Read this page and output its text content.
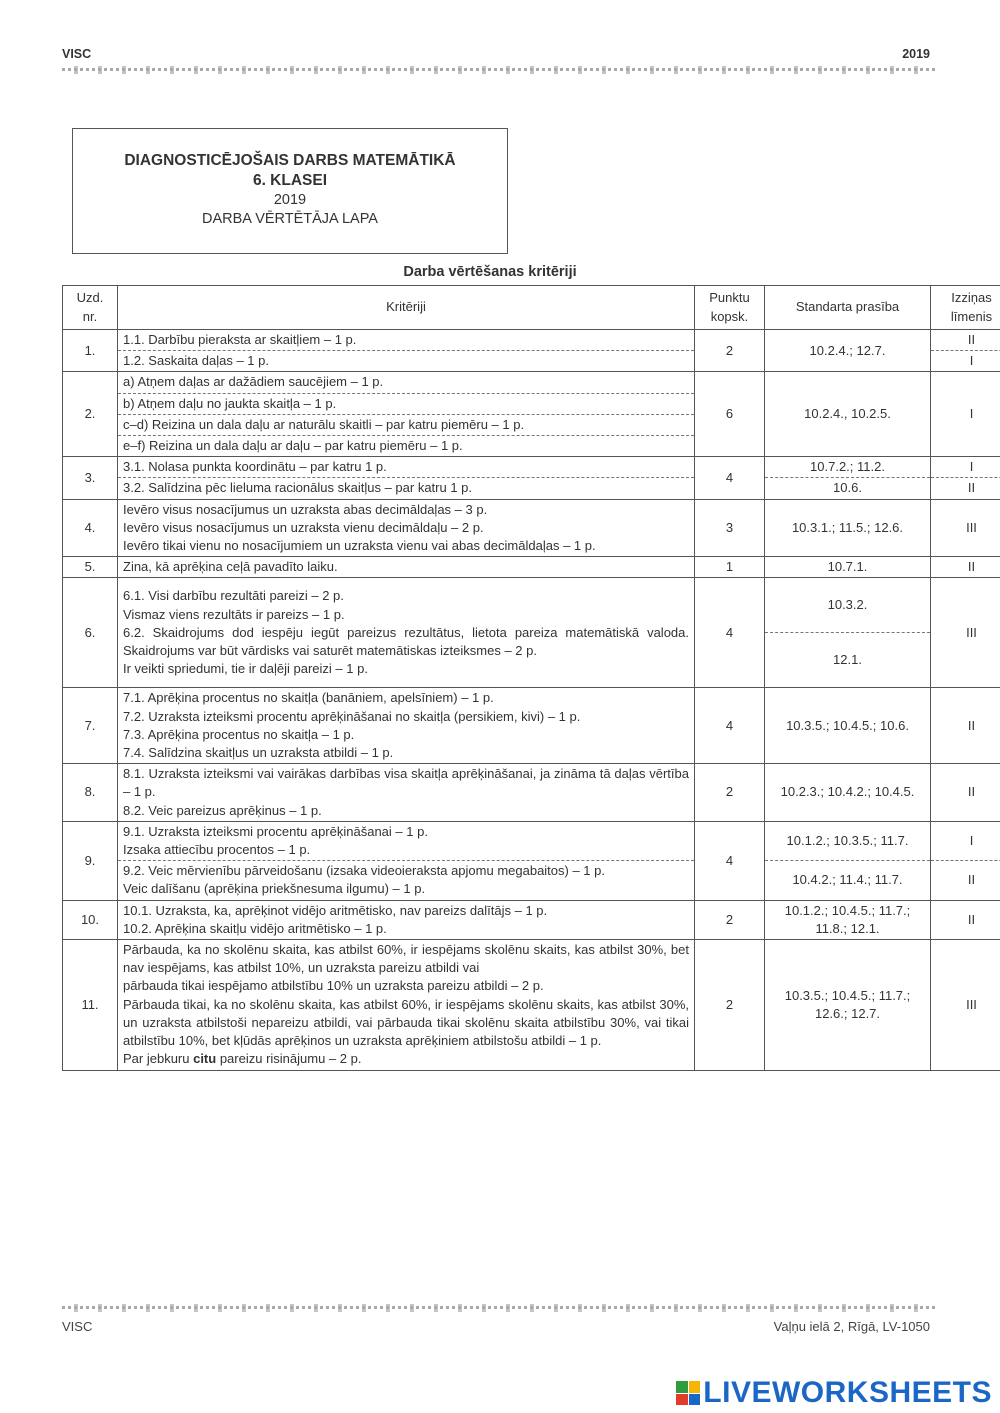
VISC	2019
DIAGNOSTICĒJOŠAIS DARBS MATEMĀTIKĀ
6. KLASEI
2019
DARBA VĒRTĒTĀJA LAPA
Darba vērtēšanas kritēriji
Uzd. nr.	Kritēriji	Punktu kopsk.	Standarta prasība	Izziņas līmenis
1.	1.1. Darbību pieraksta ar skaitļiem – 1 p.	2	10.2.4.; 12.7.	II
	1.2. Saskaita daļas – 1 p.			I
2.	a) Atņem daļas ar dažādiem saucējiem – 1 p.	6	10.2.4., 10.2.5.	I
	b) Atņem daļu no jaukta skaitļa – 1 p.			
	c–d) Reizina un dala daļu ar naturālu skaitli – par katru piemēru – 1 p.			
	e–f) Reizina un dala daļu ar daļu – par katru piemēru – 1 p.			
3.	3.1. Nolasa punkta koordinātu – par katru 1 p.	4	10.7.2.; 11.2.	I
	3.2. Salīdzina pēc lieluma racionālus skaitļus – par katru 1 p.		10.6.	II
4.	Ievēro visus nosacījumus un uzraksta abas decimāldaļas – 3 p.
Ievēro visus nosacījumus un uzraksta vienu decimāldaļu – 2 p.
Ievēro tikai vienu no nosacījumiem un uzraksta vienu vai abas decimāldaļas – 1 p.	3	10.3.1.; 11.5.; 12.6.	III
5.	Zina, kā aprēķina ceļā pavadīto laiku.	1	10.7.1.	II
6.	6.1. Visi darbību rezultāti pareizi – 2 p.
Vismaz viens rezultāts ir pareizs – 1 p.
6.2. Skaidrojums dod iespēju iegūt pareizus rezultātus, lietota pareiza matemātiskā valoda. Skaidrojums var būt vārdisks vai saturēt matemātiskas izteiksmes – 2 p.
Ir veikti spriedumi, tie ir daļēji pareizi – 1 p.	4	10.3.2.	III
			12.1.	
7.	7.1. Aprēķina procentus no skaitļa (banāniem, apelsīniem) – 1 p.
7.2. Uzraksta izteiksmi procentu aprēķināšanai no skaitļa (persikiem, kivi) – 1 p.
7.3. Aprēķina procentus no skaitļa – 1 p.
7.4. Salīdzina skaitļus un uzraksta atbildi – 1 p.	4	10.3.5.; 10.4.5.; 10.6.	II
8.	8.1. Uzraksta izteiksmi vai vairākas darbības visa skaitļa aprēķināšanai, ja zināma tā daļas vērtība – 1 p.
8.2. Veic pareizus aprēķinus – 1 p.	2	10.2.3.; 10.4.2.; 10.4.5.	II
9.	9.1. Uzraksta izteiksmi procentu aprēķināšanai – 1 p.
Izsaka attiecību procentos – 1 p.	4	10.1.2.; 10.3.5.; 11.7.	I

	9.2. Veic mērvienību pārveidošanu (izsaka videoieraksta apjomu megabaitos) – 1 p.
Veic dalīšanu (aprēķina priekšnesuma ilgumu) – 1 p.		10.4.2.; 11.4.; 11.7.	II
10.	10.1. Uzraksta, ka, aprēķinot vidējo aritmētisko, nav pareizs dalītājs – 1 p.
10.2. Aprēķina skaitļu vidējo aritmētisko – 1 p.	2	10.1.2.; 10.4.5.; 11.7.; 11.8.; 12.1.	II
11.	Pārbauda, ka no skolēnu skaita, kas atbilst 60%, ir iespējams skolēnu skaits, kas atbilst 30%, bet nav iespējams, kas atbilst 10%, un uzraksta pareizu atbildi vai
pārbauda tikai iespējamo atbilstību 10% un uzraksta pareizu atbildi – 2 p.
Pārbauda tikai, ka no skolēnu skaita, kas atbilst 60%, ir iespējams skolēnu skaits, kas atbilst 30%, un uzraksta atbilstoši nepareizu atbildi, vai pārbauda tikai skolēnu skaita atbilstību 30%, vai tikai atbilstību 10%, bet kļūdās aprēķinos un uzraksta aprēķiniem atbilstošu atbildi – 1 p.
Par jebkuru citu pareizu risinājumu – 2 p.	2	10.3.5.; 10.4.5.; 11.7.; 12.6.; 12.7.	III
VISC	Vaļņu ielā 2, Rīgā, LV-1050
LIVEWORKSHEETS
